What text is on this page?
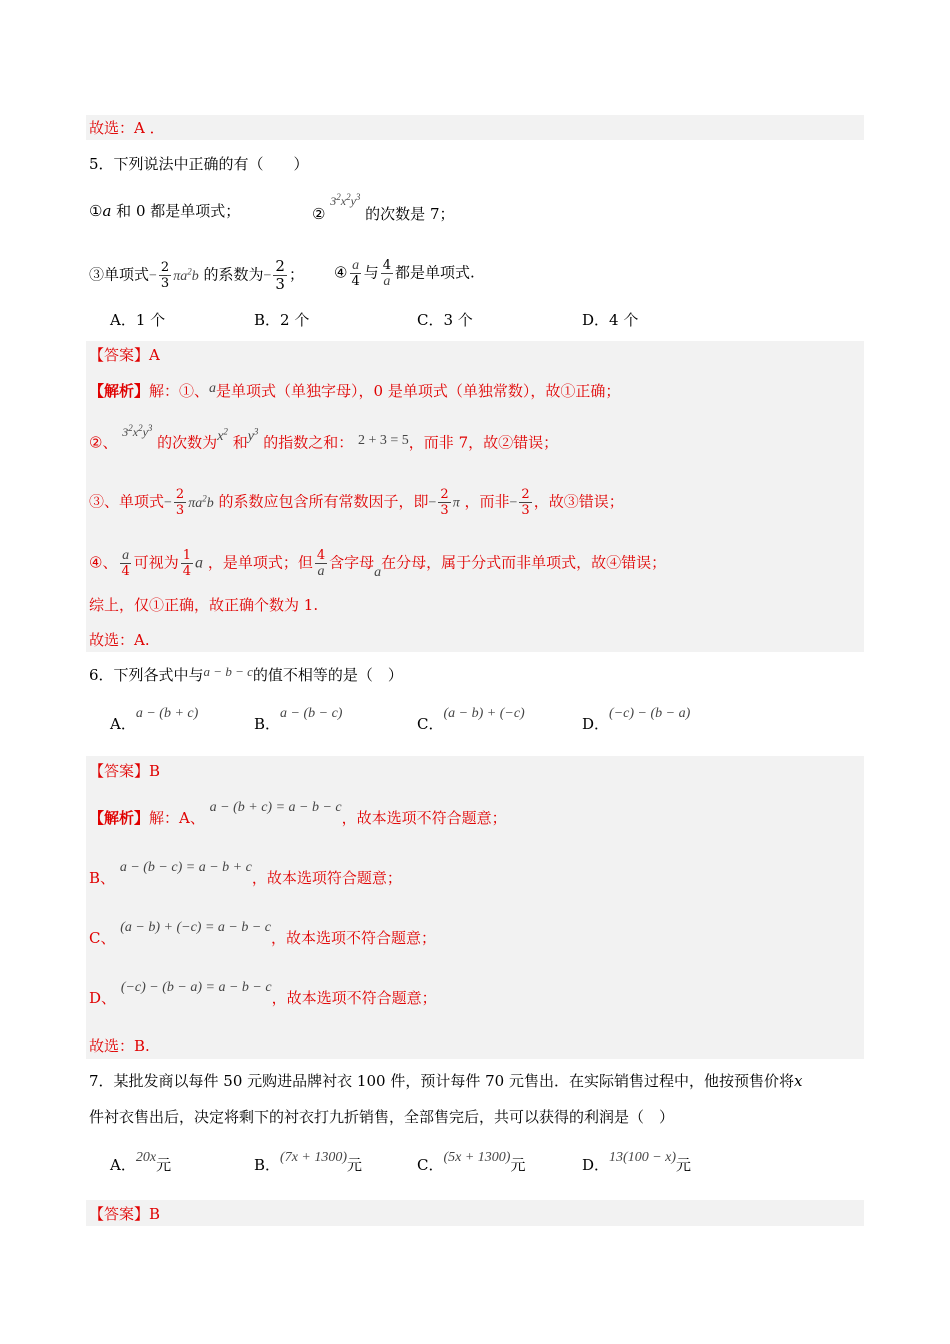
故选：A ．
5．下列说法中正确的有（　　）
①a 和 0 都是单项式；	② $^{3^2x^2y^3}$ 的次数是 7；
③单项式− $\frac{2}{3} \pi a^2b$ 的系数为− $\frac{2}{3}$ ； ④ $\frac{a}{4}$ 与 $\frac{4}{a}$ 都是单项式.
A．1 个	B．2 个	C．3 个	D．4 个
【答案】A
【解析】解：①、a是单项式（单独字母），0 是单项式（单独常数），故①正确；
②、 $^{3^2x^2y^3}$ 的次数为$x^2$ 和$y^3$ 的指数之和： 2 + 3 = 5，而非 7，故②错误；
③、单项式− $\frac{2}{3} \pi a^2b$ 的系数应包含所有常数因子，即− $\frac{2}{3}$ π ，而非− $\frac{2}{3}$ ，故③错误；
④、 $\frac{a}{4}$ 可视为 $\frac{1}{4}$ a ，是单项式；但 $\frac{4}{a}$ 含字母a在分母，属于分式而非单项式，故④错误；
综上，仅①正确，故正确个数为 1.
故选：A.
6．下列各式中与a − b − c的值不相等的是（　）
A．a − (b + c)
B．a − (b − c)
C．(a − b) + (−c)
D．(−c) − (b − a)
【答案】B
【解析】解：A、 a − (b + c) = a − b − c，故本选项不符合题意；
B、 a − (b − c) = a − b + c，故本选项符合题意；
C、 (a − b) + (−c) = a − b − c，故本选项不符合题意；
D、 (−c) − (b − a) = a − b − c，故本选项不符合题意；
故选：B.
7．某批发商以每件 50 元购进品牌衬衣 100 件，预计每件 70 元售出．在实际销售过程中，他按预售价将x
件衬衣售出后，决定将剩下的衬衣打九折销售，全部售完后，共可以获得的利润是（　）
A．20x元	B．(7x + 1300)元	C．(5x + 1300)元	D．13(100 − x)元
【答案】B
